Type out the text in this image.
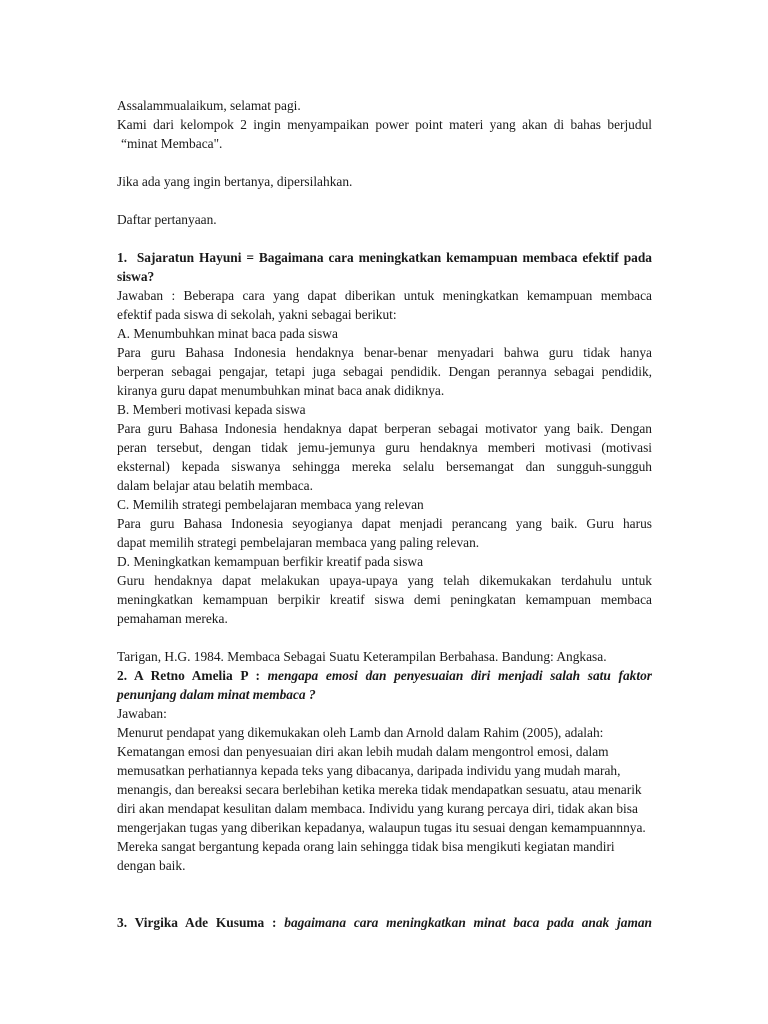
Assalammualaikum, selamat pagi.
Kami dari kelompok 2 ingin menyampaikan power point materi yang akan di bahas berjudul
“minat Membaca".
Jika ada yang ingin bertanya, dipersilahkan.
Daftar pertanyaan.
1. Sajaratun Hayuni = Bagaimana cara meningkatkan kemampuan membaca efektif pada
siswa?
Jawaban : Beberapa cara yang dapat diberikan untuk meningkatkan kemampuan membaca
efektif pada siswa di sekolah, yakni sebagai berikut:
A. Menumbuhkan minat baca pada siswa
Para guru Bahasa Indonesia hendaknya benar-benar menyadari bahwa guru tidak hanya
berperan sebagai pengajar, tetapi juga sebagai pendidik. Dengan perannya sebagai pendidik,
kiranya guru dapat menumbuhkan minat baca anak didiknya.
B. Memberi motivasi kepada siswa
Para guru Bahasa Indonesia hendaknya dapat berperan sebagai motivator yang baik. Dengan
peran tersebut, dengan tidak jemu-jemunya guru hendaknya memberi motivasi (motivasi
eksternal) kepada siswanya sehingga mereka selalu bersemangat dan sungguh-sungguh
dalam belajar atau belatih membaca.
C. Memilih strategi pembelajaran membaca yang relevan
Para guru Bahasa Indonesia seyogianya dapat menjadi perancang yang baik. Guru harus
dapat memilih strategi pembelajaran membaca yang paling relevan.
D. Meningkatkan kemampuan berfikir kreatif pada siswa
Guru hendaknya dapat melakukan upaya-upaya yang telah dikemukakan terdahulu untuk
meningkatkan kemampuan berpikir kreatif siswa demi peningkatan kemampuan membaca
pemahaman mereka.
Tarigan, H.G. 1984. Membaca Sebagai Suatu Keterampilan Berbahasa. Bandung: Angkasa.
2. A Retno Amelia P : mengapa emosi dan penyesuaian diri menjadi salah satu faktor
penunjang dalam minat membaca ?
Jawaban:
Menurut pendapat yang dikemukakan oleh Lamb dan Arnold dalam Rahim (2005), adalah:
Kematangan emosi dan penyesuaian diri akan lebih mudah dalam mengontrol emosi, dalam
memusatkan perhatiannya kepada teks yang dibacanya, daripada individu yang mudah marah,
menangis, dan bereaksi secara berlebihan ketika mereka tidak mendapatkan sesuatu, atau menarik
diri akan mendapat kesulitan dalam membaca. Individu yang kurang percaya diri, tidak akan bisa
mengerjakan tugas yang diberikan kepadanya, walaupun tugas itu sesuai dengan kemampuannnya.
Mereka sangat bergantung kepada orang lain sehingga tidak bisa mengikuti kegiatan mandiri
dengan baik.
3. Virgika Ade Kusuma : bagaimana cara meningkatkan minat baca pada anak jaman
